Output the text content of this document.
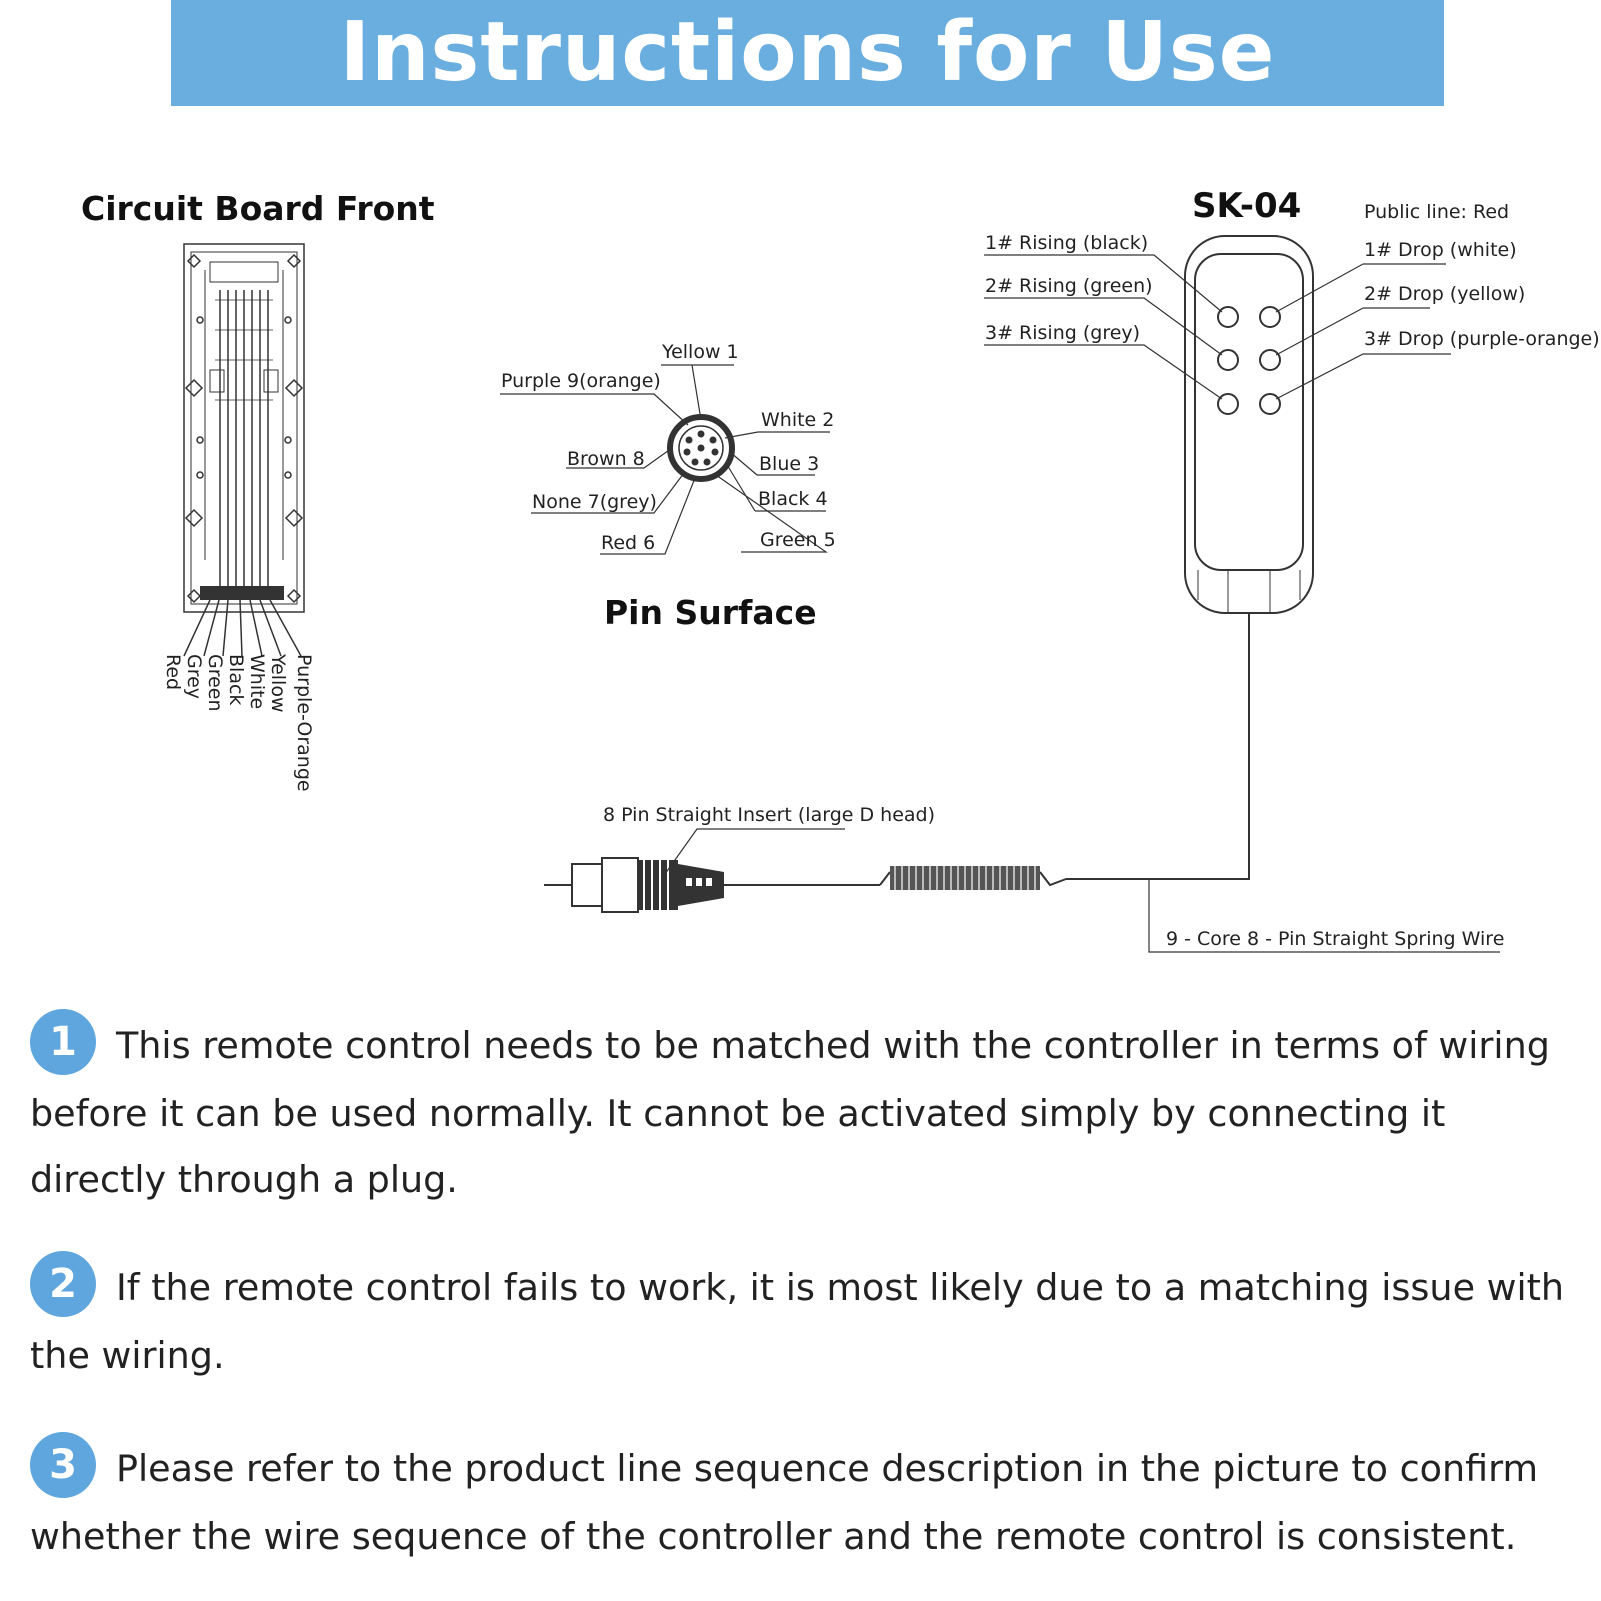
Instructions for Use
Circuit Board Front
Red Grey Green Black White Yellow Purple-Orange
Yellow 1
Purple 9(orange)
White 2
Brown 8	Blue 3
Black 4
None 7(grey)
Red 6	Green 5
Pin Surface
SK-04	Public line: Red
1# Rising (black)
2# Rising (green)
3# Rising (grey)
1# Drop (white)
2# Drop (yellow)
3# Drop (purple-orange)
8 Pin Straight Insert (large D head)
9 - Core 8 - Pin Straight Spring Wire
1 This remote control needs to be matched with the controller in terms of wiring before it can be used normally. It cannot be activated simply by connecting it directly through a plug.
2 If the remote control fails to work, it is most likely due to a matching issue with the wiring.
3 Please refer to the product line sequence description in the picture to confirm whether the wire sequence of the controller and the remote control is consistent.
